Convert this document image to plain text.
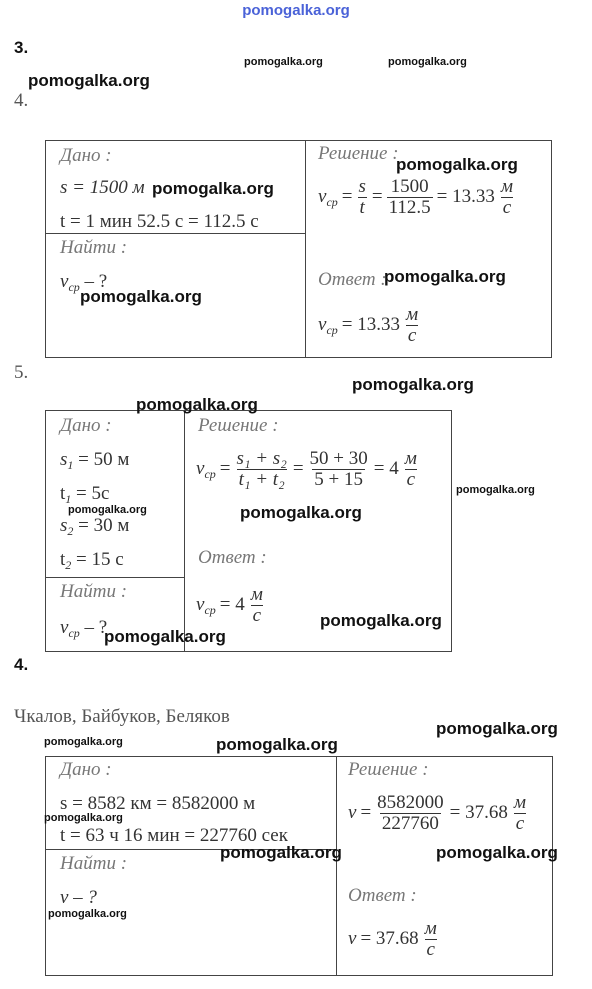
pomogalka.org
3.
4.
5.
4.
Дано :
s = 1500 м
t = 1 мин 52.5 с = 112.5 с
Найти :
$v_{ср}$ – ?
Решение :
$v_{ср} = \frac{s}{t} = \frac{1500}{112.5} = 13.33 \frac{м}{с}$
Ответ :
$v_{ср} = 13.33 \frac{м}{с}$
Дано :
$s_1 = 50$ м
$t_1 = 5с$
$s_2 = 30$ м
$t_2 = 15$ с
Найти :
$v_{ср}$ – ?
Решение :
$v_{ср} = \frac{\text{s₁ + s₂}}{\text{t₁ + t₂}} = \frac{50 + 30}{5 + 15} = 4 \frac{м}{с}$
Ответ :
$v_{ср} = 4 \frac{м}{с}$
Чкалов, Байбуков, Беляков
Дано :
s = 8582 км = 8582000 м
t = 63 ч 16 мин = 227760 сек
Найти :
v – ?
Решение :
$v = \frac{8582000}{227760} = 37.68 \frac{м}{с}$
Ответ :
$v = 37.68 \frac{м}{с}$
pomogalka.org	pomogalka.org
pomogalka.org
pomogalka.org
pomogalka.org
pomogalka.org
pomogalka.org
pomogalka.org
pomogalka.org
pomogalka.org
pomogalka.org	pomogalka.org
pomogalka.org
pomogalka.org
pomogalka.org
pomogalka.org	pomogalka.org
pomogalka.org
pomogalka.org	pomogalka.org
pomogalka.org
